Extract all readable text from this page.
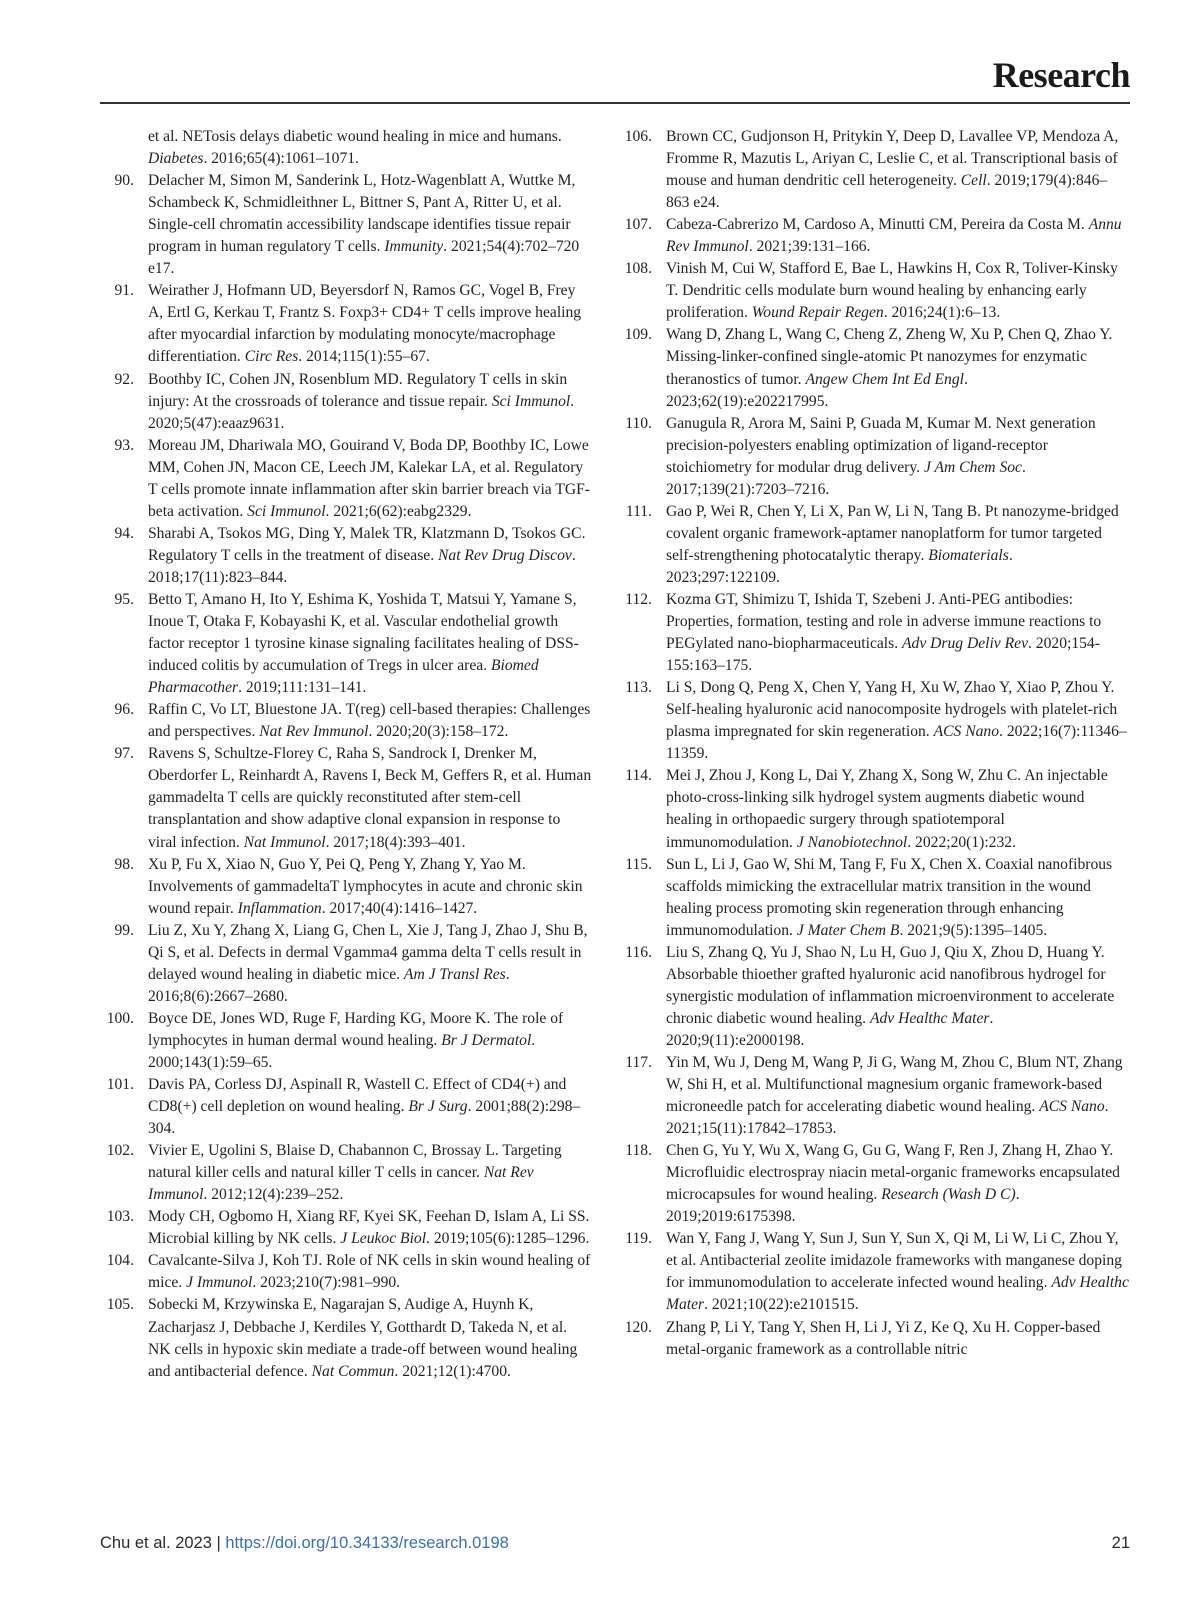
Research
et al. NETosis delays diabetic wound healing in mice and humans. Diabetes. 2016;65(4):1061–1071.
90. Delacher M, Simon M, Sanderink L, Hotz-Wagenblatt A, Wuttke M, Schambeck K, Schmidleithner L, Bittner S, Pant A, Ritter U, et al. Single-cell chromatin accessibility landscape identifies tissue repair program in human regulatory T cells. Immunity. 2021;54(4):702–720 e17.
91. Weirather J, Hofmann UD, Beyersdorf N, Ramos GC, Vogel B, Frey A, Ertl G, Kerkau T, Frantz S. Foxp3+ CD4+ T cells improve healing after myocardial infarction by modulating monocyte/macrophage differentiation. Circ Res. 2014;115(1):55–67.
92. Boothby IC, Cohen JN, Rosenblum MD. Regulatory T cells in skin injury: At the crossroads of tolerance and tissue repair. Sci Immunol. 2020;5(47):eaaz9631.
93. Moreau JM, Dhariwala MO, Gouirand V, Boda DP, Boothby IC, Lowe MM, Cohen JN, Macon CE, Leech JM, Kalekar LA, et al. Regulatory T cells promote innate inflammation after skin barrier breach via TGF-beta activation. Sci Immunol. 2021;6(62):eabg2329.
94. Sharabi A, Tsokos MG, Ding Y, Malek TR, Klatzmann D, Tsokos GC. Regulatory T cells in the treatment of disease. Nat Rev Drug Discov. 2018;17(11):823–844.
95. Betto T, Amano H, Ito Y, Eshima K, Yoshida T, Matsui Y, Yamane S, Inoue T, Otaka F, Kobayashi K, et al. Vascular endothelial growth factor receptor 1 tyrosine kinase signaling facilitates healing of DSS-induced colitis by accumulation of Tregs in ulcer area. Biomed Pharmacother. 2019;111:131–141.
96. Raffin C, Vo LT, Bluestone JA. T(reg) cell-based therapies: Challenges and perspectives. Nat Rev Immunol. 2020;20(3):158–172.
97. Ravens S, Schultze-Florey C, Raha S, Sandrock I, Drenker M, Oberdorfer L, Reinhardt A, Ravens I, Beck M, Geffers R, et al. Human gammadelta T cells are quickly reconstituted after stem-cell transplantation and show adaptive clonal expansion in response to viral infection. Nat Immunol. 2017;18(4):393–401.
98. Xu P, Fu X, Xiao N, Guo Y, Pei Q, Peng Y, Zhang Y, Yao M. Involvements of gammadeltaT lymphocytes in acute and chronic skin wound repair. Inflammation. 2017;40(4):1416–1427.
99. Liu Z, Xu Y, Zhang X, Liang G, Chen L, Xie J, Tang J, Zhao J, Shu B, Qi S, et al. Defects in dermal Vgamma4 gamma delta T cells result in delayed wound healing in diabetic mice. Am J Transl Res. 2016;8(6):2667–2680.
100. Boyce DE, Jones WD, Ruge F, Harding KG, Moore K. The role of lymphocytes in human dermal wound healing. Br J Dermatol. 2000;143(1):59–65.
101. Davis PA, Corless DJ, Aspinall R, Wastell C. Effect of CD4(+) and CD8(+) cell depletion on wound healing. Br J Surg. 2001;88(2):298–304.
102. Vivier E, Ugolini S, Blaise D, Chabannon C, Brossay L. Targeting natural killer cells and natural killer T cells in cancer. Nat Rev Immunol. 2012;12(4):239–252.
103. Mody CH, Ogbomo H, Xiang RF, Kyei SK, Feehan D, Islam A, Li SS. Microbial killing by NK cells. J Leukoc Biol. 2019;105(6):1285–1296.
104. Cavalcante-Silva J, Koh TJ. Role of NK cells in skin wound healing of mice. J Immunol. 2023;210(7):981–990.
105. Sobecki M, Krzywinska E, Nagarajan S, Audige A, Huynh K, Zacharjasz J, Debbache J, Kerdiles Y, Gotthardt D, Takeda N, et al. NK cells in hypoxic skin mediate a trade-off between wound healing and antibacterial defence. Nat Commun. 2021;12(1):4700.
106. Brown CC, Gudjonson H, Pritykin Y, Deep D, Lavallee VP, Mendoza A, Fromme R, Mazutis L, Ariyan C, Leslie C, et al. Transcriptional basis of mouse and human dendritic cell heterogeneity. Cell. 2019;179(4):846–863 e24.
107. Cabeza-Cabrerizo M, Cardoso A, Minutti CM, Pereira da Costa M. Annu Rev Immunol. 2021;39:131–166.
108. Vinish M, Cui W, Stafford E, Bae L, Hawkins H, Cox R, Toliver-Kinsky T. Dendritic cells modulate burn wound healing by enhancing early proliferation. Wound Repair Regen. 2016;24(1):6–13.
109. Wang D, Zhang L, Wang C, Cheng Z, Zheng W, Xu P, Chen Q, Zhao Y. Missing-linker-confined single-atomic Pt nanozymes for enzymatic theranostics of tumor. Angew Chem Int Ed Engl. 2023;62(19):e202217995.
110. Ganugula R, Arora M, Saini P, Guada M, Kumar M. Next generation precision-polyesters enabling optimization of ligand-receptor stoichiometry for modular drug delivery. J Am Chem Soc. 2017;139(21):7203–7216.
111. Gao P, Wei R, Chen Y, Li X, Pan W, Li N, Tang B. Pt nanozyme-bridged covalent organic framework-aptamer nanoplatform for tumor targeted self-strengthening photocatalytic therapy. Biomaterials. 2023;297:122109.
112. Kozma GT, Shimizu T, Ishida T, Szebeni J. Anti-PEG antibodies: Properties, formation, testing and role in adverse immune reactions to PEGylated nano-biopharmaceuticals. Adv Drug Deliv Rev. 2020;154-155:163–175.
113. Li S, Dong Q, Peng X, Chen Y, Yang H, Xu W, Zhao Y, Xiao P, Zhou Y. Self-healing hyaluronic acid nanocomposite hydrogels with platelet-rich plasma impregnated for skin regeneration. ACS Nano. 2022;16(7):11346–11359.
114. Mei J, Zhou J, Kong L, Dai Y, Zhang X, Song W, Zhu C. An injectable photo-cross-linking silk hydrogel system augments diabetic wound healing in orthopaedic surgery through spatiotemporal immunomodulation. J Nanobiotechnol. 2022;20(1):232.
115. Sun L, Li J, Gao W, Shi M, Tang F, Fu X, Chen X. Coaxial nanofibrous scaffolds mimicking the extracellular matrix transition in the wound healing process promoting skin regeneration through enhancing immunomodulation. J Mater Chem B. 2021;9(5):1395–1405.
116. Liu S, Zhang Q, Yu J, Shao N, Lu H, Guo J, Qiu X, Zhou D, Huang Y. Absorbable thioether grafted hyaluronic acid nanofibrous hydrogel for synergistic modulation of inflammation microenvironment to accelerate chronic diabetic wound healing. Adv Healthc Mater. 2020;9(11):e2000198.
117. Yin M, Wu J, Deng M, Wang P, Ji G, Wang M, Zhou C, Blum NT, Zhang W, Shi H, et al. Multifunctional magnesium organic framework-based microneedle patch for accelerating diabetic wound healing. ACS Nano. 2021;15(11):17842–17853.
118. Chen G, Yu Y, Wu X, Wang G, Gu G, Wang F, Ren J, Zhang H, Zhao Y. Microfluidic electrospray niacin metal-organic frameworks encapsulated microcapsules for wound healing. Research (Wash D C). 2019;2019:6175398.
119. Wan Y, Fang J, Wang Y, Sun J, Sun Y, Sun X, Qi M, Li W, Li C, Zhou Y, et al. Antibacterial zeolite imidazole frameworks with manganese doping for immunomodulation to accelerate infected wound healing. Adv Healthc Mater. 2021;10(22):e2101515.
120. Zhang P, Li Y, Tang Y, Shen H, Li J, Yi Z, Ke Q, Xu H. Copper-based metal-organic framework as a controllable nitric
Chu et al. 2023 | https://doi.org/10.34133/research.0198	21
